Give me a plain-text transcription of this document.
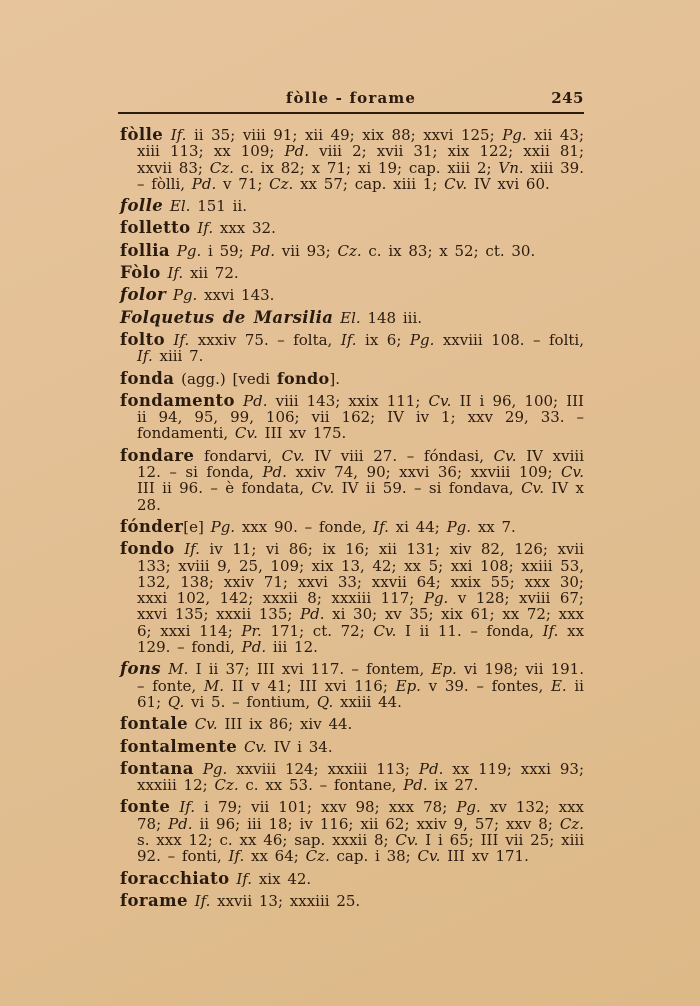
fòlle - forame	245

fòlle If. ii 35; viii 91; xii 49; xix 88; xxvi 125; Pg. xii 43; xiii 113; xx 109; Pd. viii 2; xvii 31; xix 122; xxii 81; xxvii 83; Cz. c. ix 82; x 71; xi 19; cap. xiii 2; Vn. xiii 39. – fòlli, Pd. v 71; Cz. xx 57; cap. xiii 1; Cv. IV xvi 60.

folle El. 151 ii.

folletto If. xxx 32.

follia Pg. i 59; Pd. vii 93; Cz. c. ix 83; x 52; ct. 30.

Fòlo If. xii 72.

folor Pg. xxvi 143.

Folquetus de Marsilia El. 148 iii.

folto If. xxxiv 75. – folta, If. ix 6; Pg. xxviii 108. – folti, If. xiii 7.

fonda (agg.) [vedi fondo].

fondamento Pd. viii 143; xxix 111; Cv. II i 96, 100; III ii 94, 95, 99, 106; vii 162; IV iv 1; xxv 29, 33. – fondamenti, Cv. III xv 175.

fondare fondarvi, Cv. IV viii 27. – fóndasi, Cv. IV xviii 12. – si fonda, Pd. xxiv 74, 90; xxvi 36; xxviii 109; Cv. III ii 96. – è fondata, Cv. IV ii 59. – si fondava, Cv. IV x 28.

fónder[e] Pg. xxx 90. – fonde, If. xi 44; Pg. xx 7.

fondo If. iv 11; vi 86; ix 16; xii 131; xiv 82, 126; xvii 133; xviii 9, 25, 109; xix 13, 42; xx 5; xxi 108; xxiii 53, 132, 138; xxiv 71; xxvi 33; xxvii 64; xxix 55; xxx 30; xxxi 102, 142; xxxii 8; xxxiii 117; Pg. v 128; xviii 67; xxvi 135; xxxii 135; Pd. xi 30; xv 35; xix 61; xx 72; xxx 6; xxxi 114; Pr. 171; ct. 72; Cv. I ii 11. – fonda, If. xx 129. – fondi, Pd. iii 12.

fons M. I ii 37; III xvi 117. – fontem, Ep. vi 198; vii 191. – fonte, M. II v 41; III xvi 116; Ep. v 39. – fontes, E. ii 61; Q. vi 5. – fontium, Q. xxiii 44.

fontale Cv. III ix 86; xiv 44.

fontalmente Cv. IV i 34.

fontana Pg. xxviii 124; xxxiii 113; Pd. xx 119; xxxi 93; xxxiii 12; Cz. c. xx 53. – fontane, Pd. ix 27.

fonte If. i 79; vii 101; xxv 98; xxx 78; Pg. xv 132; xxx 78; Pd. ii 96; iii 18; iv 116; xii 62; xxiv 9, 57; xxv 8; Cz. s. xxx 12; c. xx 46; sap. xxxii 8; Cv. I i 65; III vii 25; xiii 92. – fonti, If. xx 64; Cz. cap. i 38; Cv. III xv 171.

foracchiato If. xix 42.

forame If. xxvii 13; xxxiii 25.
